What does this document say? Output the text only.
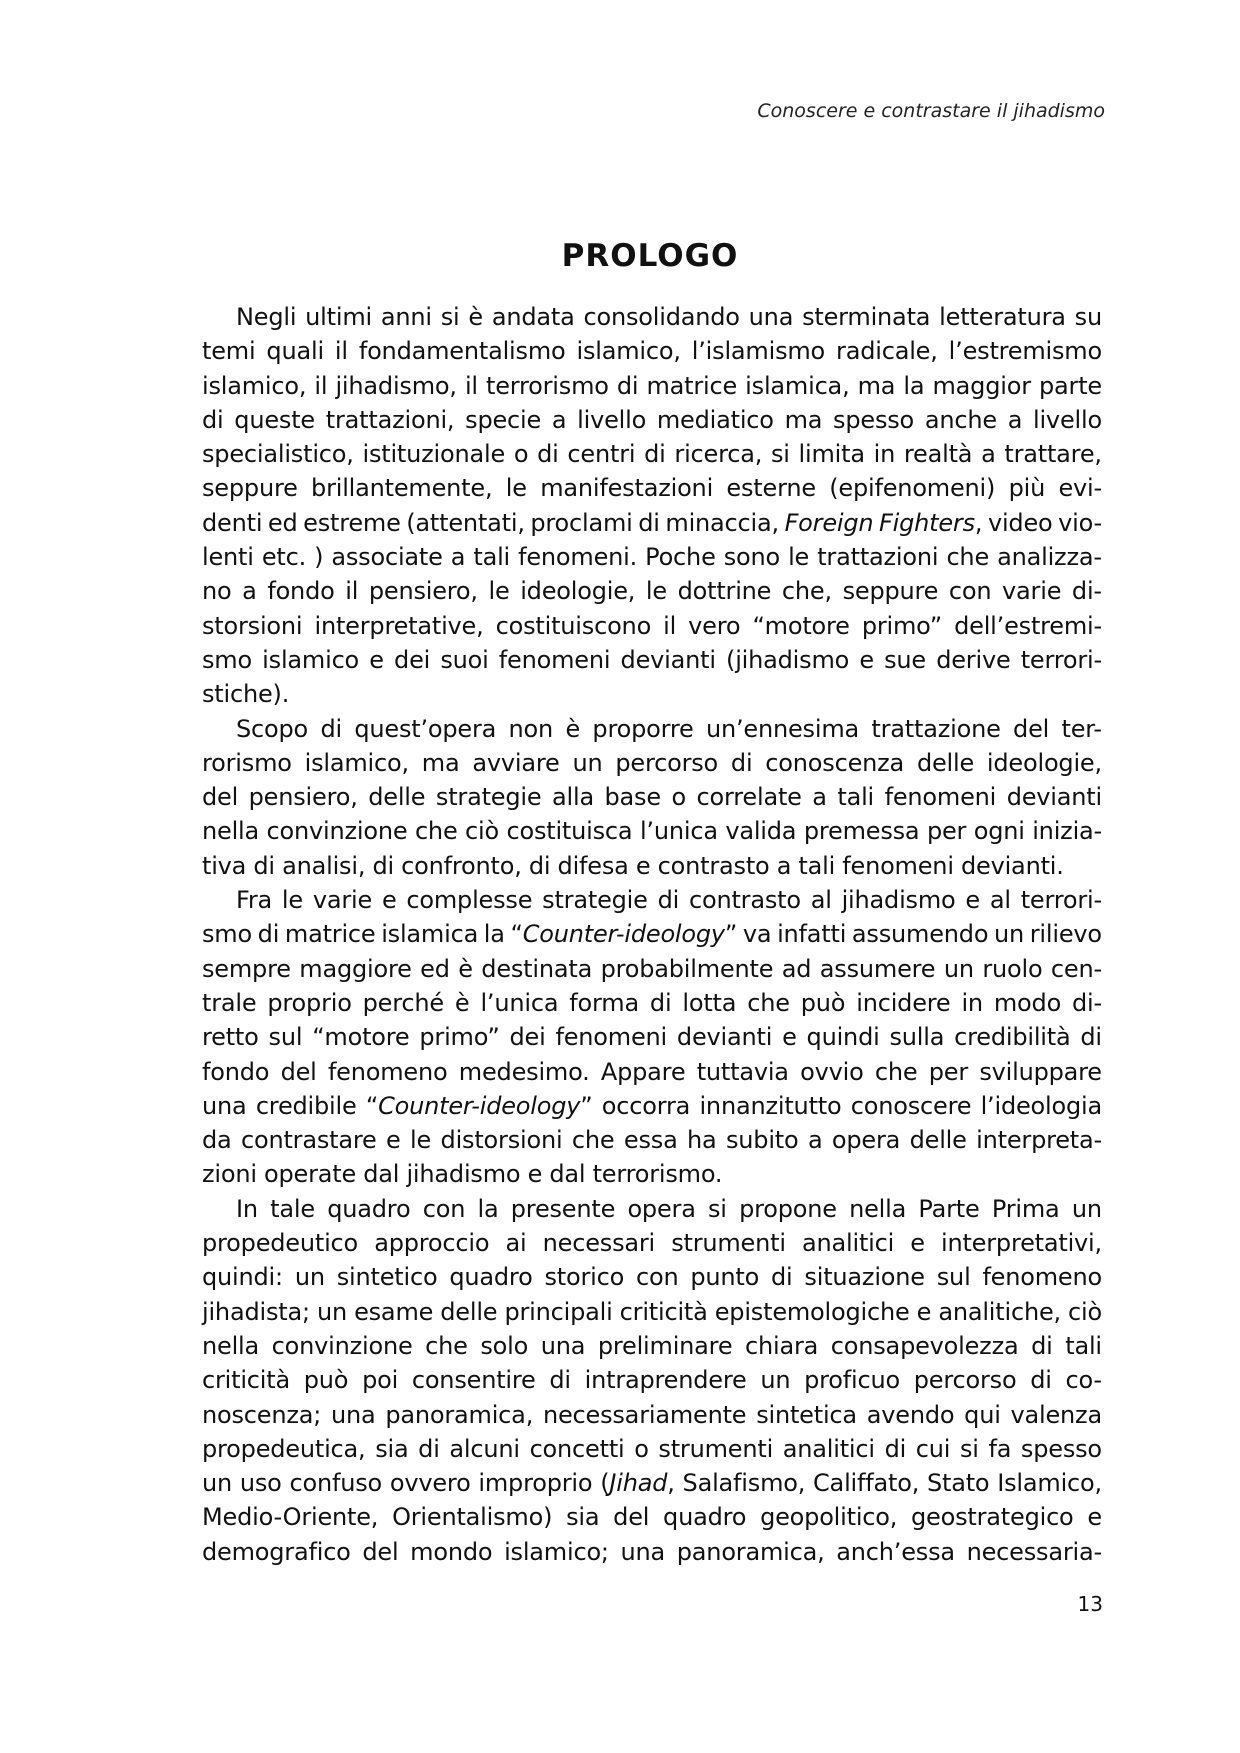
Conoscere e contrastare il jihadismo
PROLOGO
Negli ultimi anni si è andata consolidando una sterminata letteratura su
temi quali il fondamentalismo islamico, l’islamismo radicale, l’estremismo
islamico, il jihadismo, il terrorismo di matrice islamica, ma la maggior parte
di queste trattazioni, specie a livello mediatico ma spesso anche a livello
specialistico, istituzionale o di centri di ricerca, si limita in realtà a trattare,
seppure brillantemente, le manifestazioni esterne (epifenomeni) più evi-
denti ed estreme (attentati, proclami di minaccia, Foreign Fighters, video vio-
lenti etc. ) associate a tali fenomeni. Poche sono le trattazioni che analizza-
no a fondo il pensiero, le ideologie, le dottrine che, seppure con varie di-
storsioni interpretative, costituiscono il vero “motore primo” dell’estremi-
smo islamico e dei suoi fenomeni devianti (jihadismo e sue derive terrori-
stiche).
Scopo di quest’opera non è proporre un’ennesima trattazione del ter-
rorismo islamico, ma avviare un percorso di conoscenza delle ideologie,
del pensiero, delle strategie alla base o correlate a tali fenomeni devianti
nella convinzione che ciò costituisca l’unica valida premessa per ogni inizia-
tiva di analisi, di confronto, di difesa e contrasto a tali fenomeni devianti.
Fra le varie e complesse strategie di contrasto al jihadismo e al terrori-
smo di matrice islamica la “Counter-ideology” va infatti assumendo un rilievo
sempre maggiore ed è destinata probabilmente ad assumere un ruolo cen-
trale proprio perché è l’unica forma di lotta che può incidere in modo di-
retto sul “motore primo” dei fenomeni devianti e quindi sulla credibilità di
fondo del fenomeno medesimo. Appare tuttavia ovvio che per sviluppare
una credibile “Counter-ideology” occorra innanzitutto conoscere l’ideologia
da contrastare e le distorsioni che essa ha subito a opera delle interpreta-
zioni operate dal jihadismo e dal terrorismo.
In tale quadro con la presente opera si propone nella Parte Prima un
propedeutico approccio ai necessari strumenti analitici e interpretativi,
quindi: un sintetico quadro storico con punto di situazione sul fenomeno
jihadista; un esame delle principali criticità epistemologiche e analitiche, ciò
nella convinzione che solo una preliminare chiara consapevolezza di tali
criticità può poi consentire di intraprendere un proficuo percorso di co-
noscenza; una panoramica, necessariamente sintetica avendo qui valenza
propedeutica, sia di alcuni concetti o strumenti analitici di cui si fa spesso
un uso confuso ovvero improprio (Jihad, Salafismo, Califfato, Stato Islamico,
Medio-Oriente, Orientalismo) sia del quadro geopolitico, geostrategico e
demografico del mondo islamico; una panoramica, anch’essa necessaria-
13
